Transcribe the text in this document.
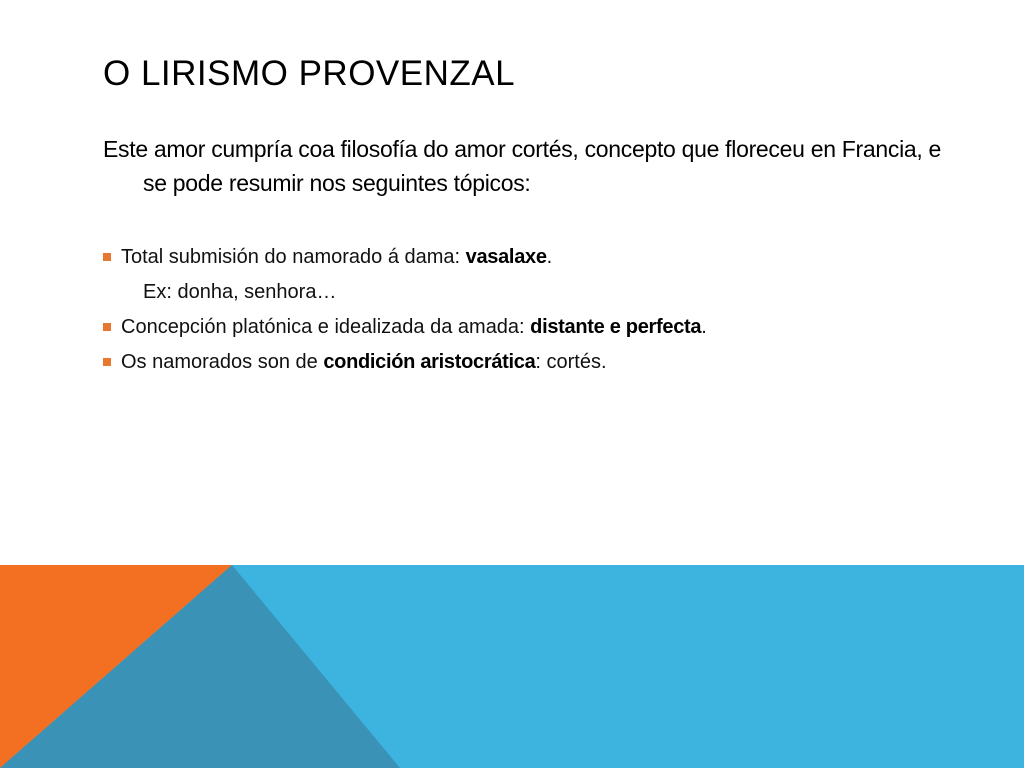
O LIRISMO PROVENZAL

Este amor cumpría coa filosofía do amor cortés, concepto que floreceu en Francia, e se pode resumir nos seguintes tópicos:

Total submisión do namorado á dama: vasalaxe.
Ex: donha, senhora…
Concepción platónica e idealizada da amada: distante e perfecta.
Os namorados son de condición aristocrática: cortés.
